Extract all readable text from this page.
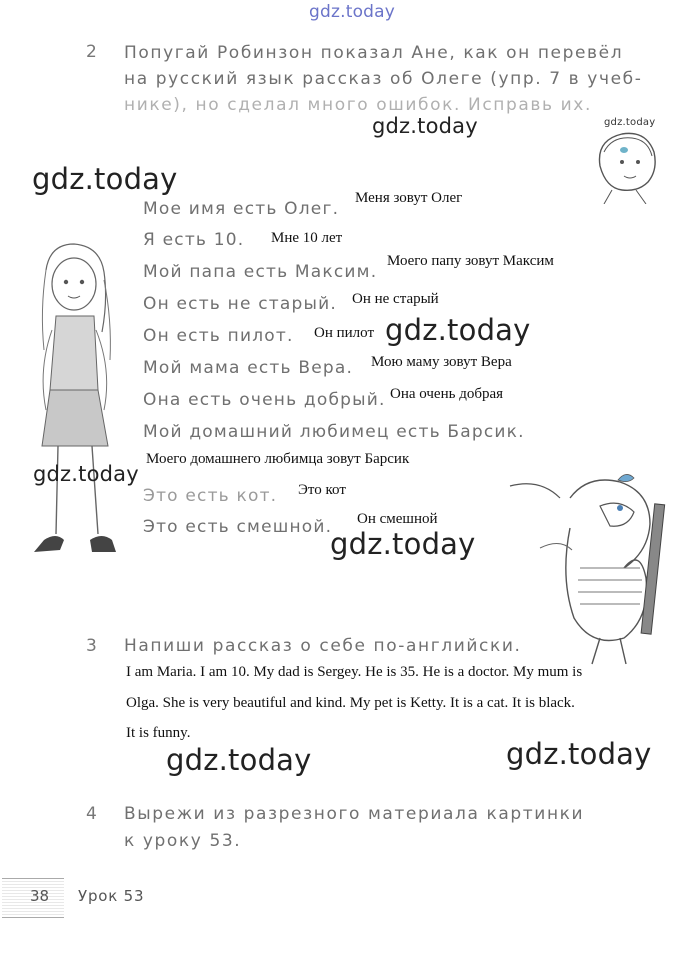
gdz.today
2 Попугай Робинзон показал Ане, как он перевёл
на русский язык рассказ об Олеге (упр. 7 в учеб-
нике), но сделал много ошибок. Исправь их.
gdz.today	gdz.today
gdz.today
Мое имя есть Олег.
Я есть 10.
Мой папа есть Максим.
Он есть не старый.
Он есть пилот.
Мой мама есть Вера.
Она есть очень добрый.
Мой домашний любимец есть Барсик.
Это есть кот.
Это есть смешной.
Меня зовут Олег
Мне 10 лет
Моего папу зовут Максим
Он не старый
Он пилот
Мою маму зовут Вера
Она очень добрая
Моего домашнего любимца зовут Барсик
Это кот
Он смешной
gdz.today
gdz.today
gdz.today
3 Напиши рассказ о себе по-английски.
I am Maria. I am 10. My dad is Sergey. He is 35. He is a doctor. My mum is
Olga. She is very beautiful and kind. My pet is Ketty. It is a cat. It is black.
It is funny.
gdz.today	gdz.today
4 Вырежи из разрезного материала картинки
к уроку 53.
38 Урок 53
